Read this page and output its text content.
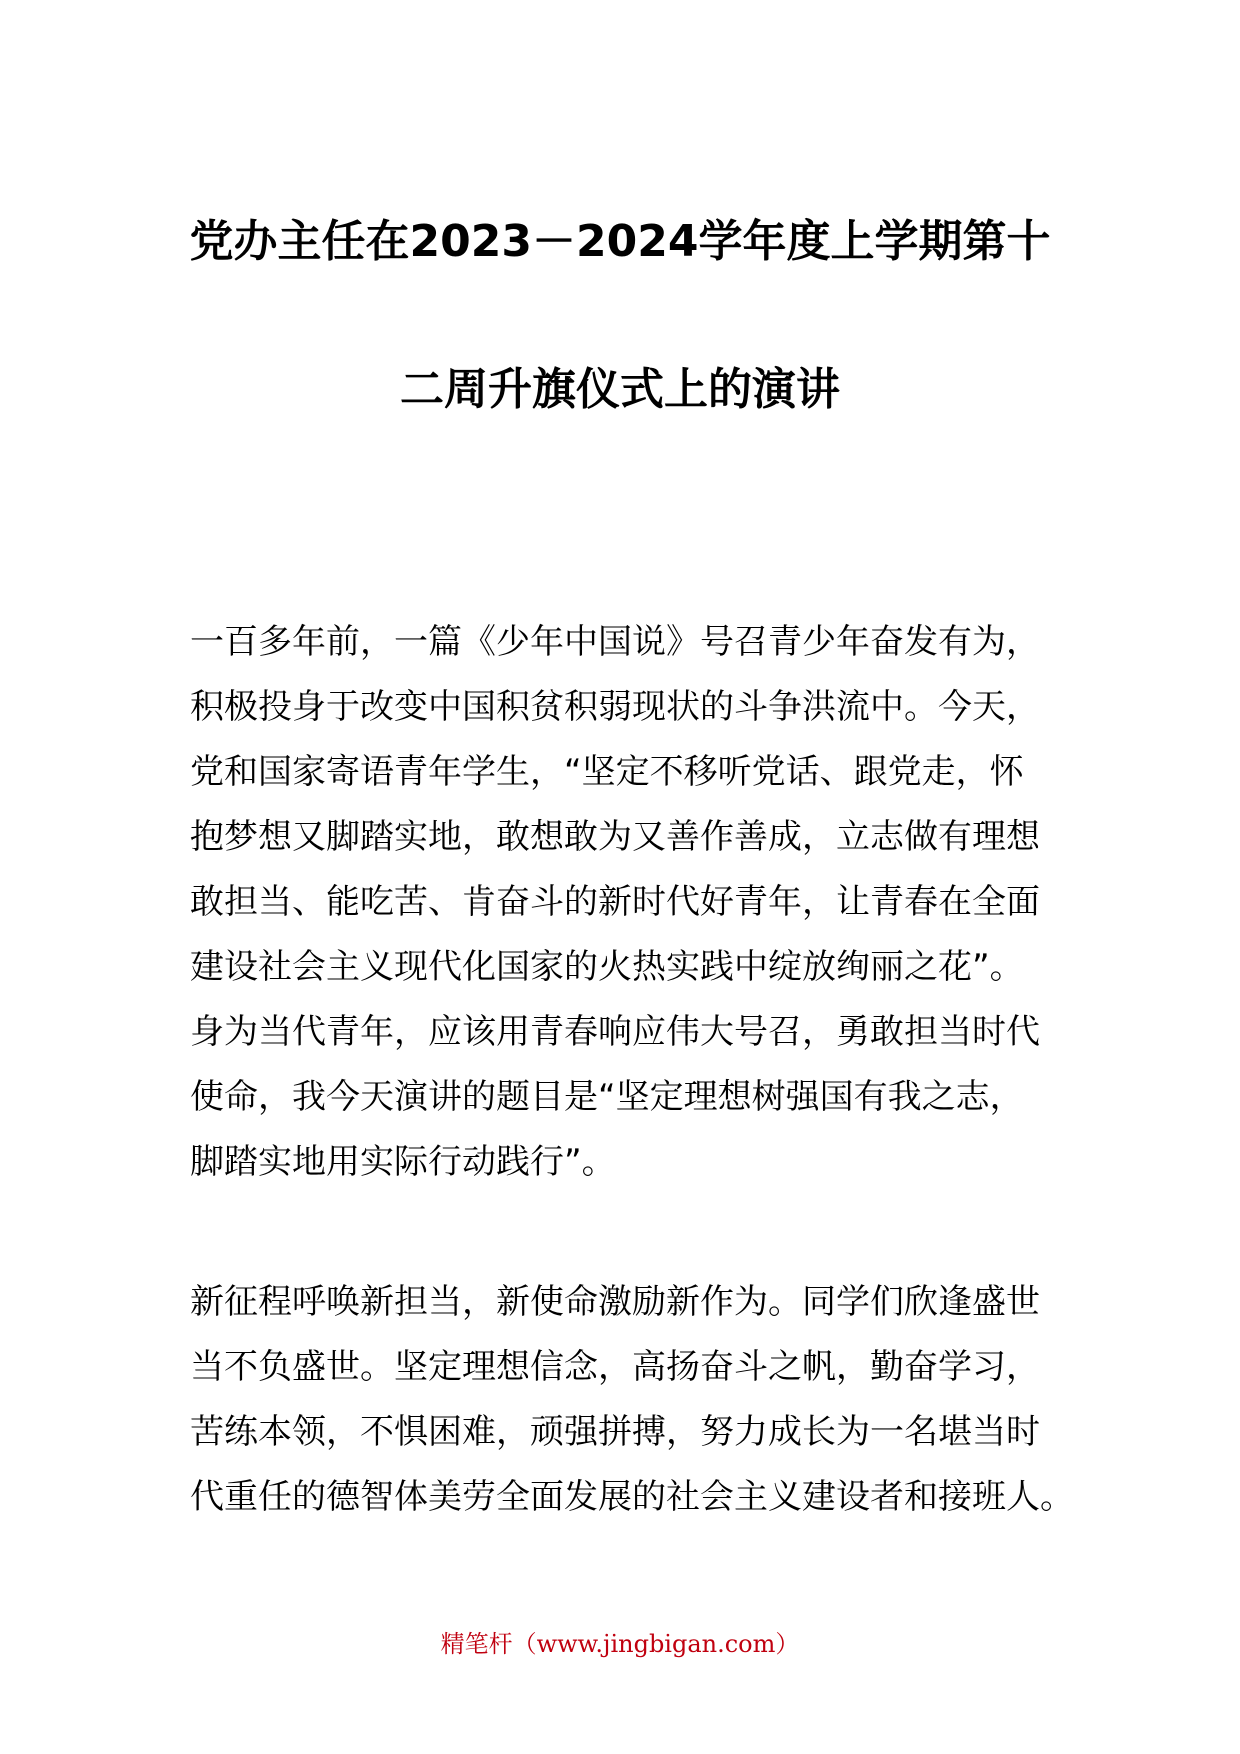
党办主任在2023－2024学年度上学期第十
二周升旗仪式上的演讲
一百多年前，一篇《少年中国说》号召青少年奋发有为，
积极投身于改变中国积贫积弱现状的斗争洪流中。今天，
党和国家寄语青年学生，“坚定不移听党话、跟党走，怀
抱梦想又脚踏实地，敢想敢为又善作善成，立志做有理想
敢担当、能吃苦、肯奋斗的新时代好青年，让青春在全面
建设社会主义现代化国家的火热实践中绽放绚丽之花”。
身为当代青年，应该用青春响应伟大号召，勇敢担当时代
使命，我今天演讲的题目是“坚定理想树强国有我之志，
脚踏实地用实际行动践行”。
新征程呼唤新担当，新使命激励新作为。同学们欣逢盛世
当不负盛世。坚定理想信念，高扬奋斗之帆，勤奋学习，
苦练本领，不惧困难，顽强拼搏，努力成长为一名堪当时
代重任的德智体美劳全面发展的社会主义建设者和接班人。
精笔杆（www.jingbigan.com）
